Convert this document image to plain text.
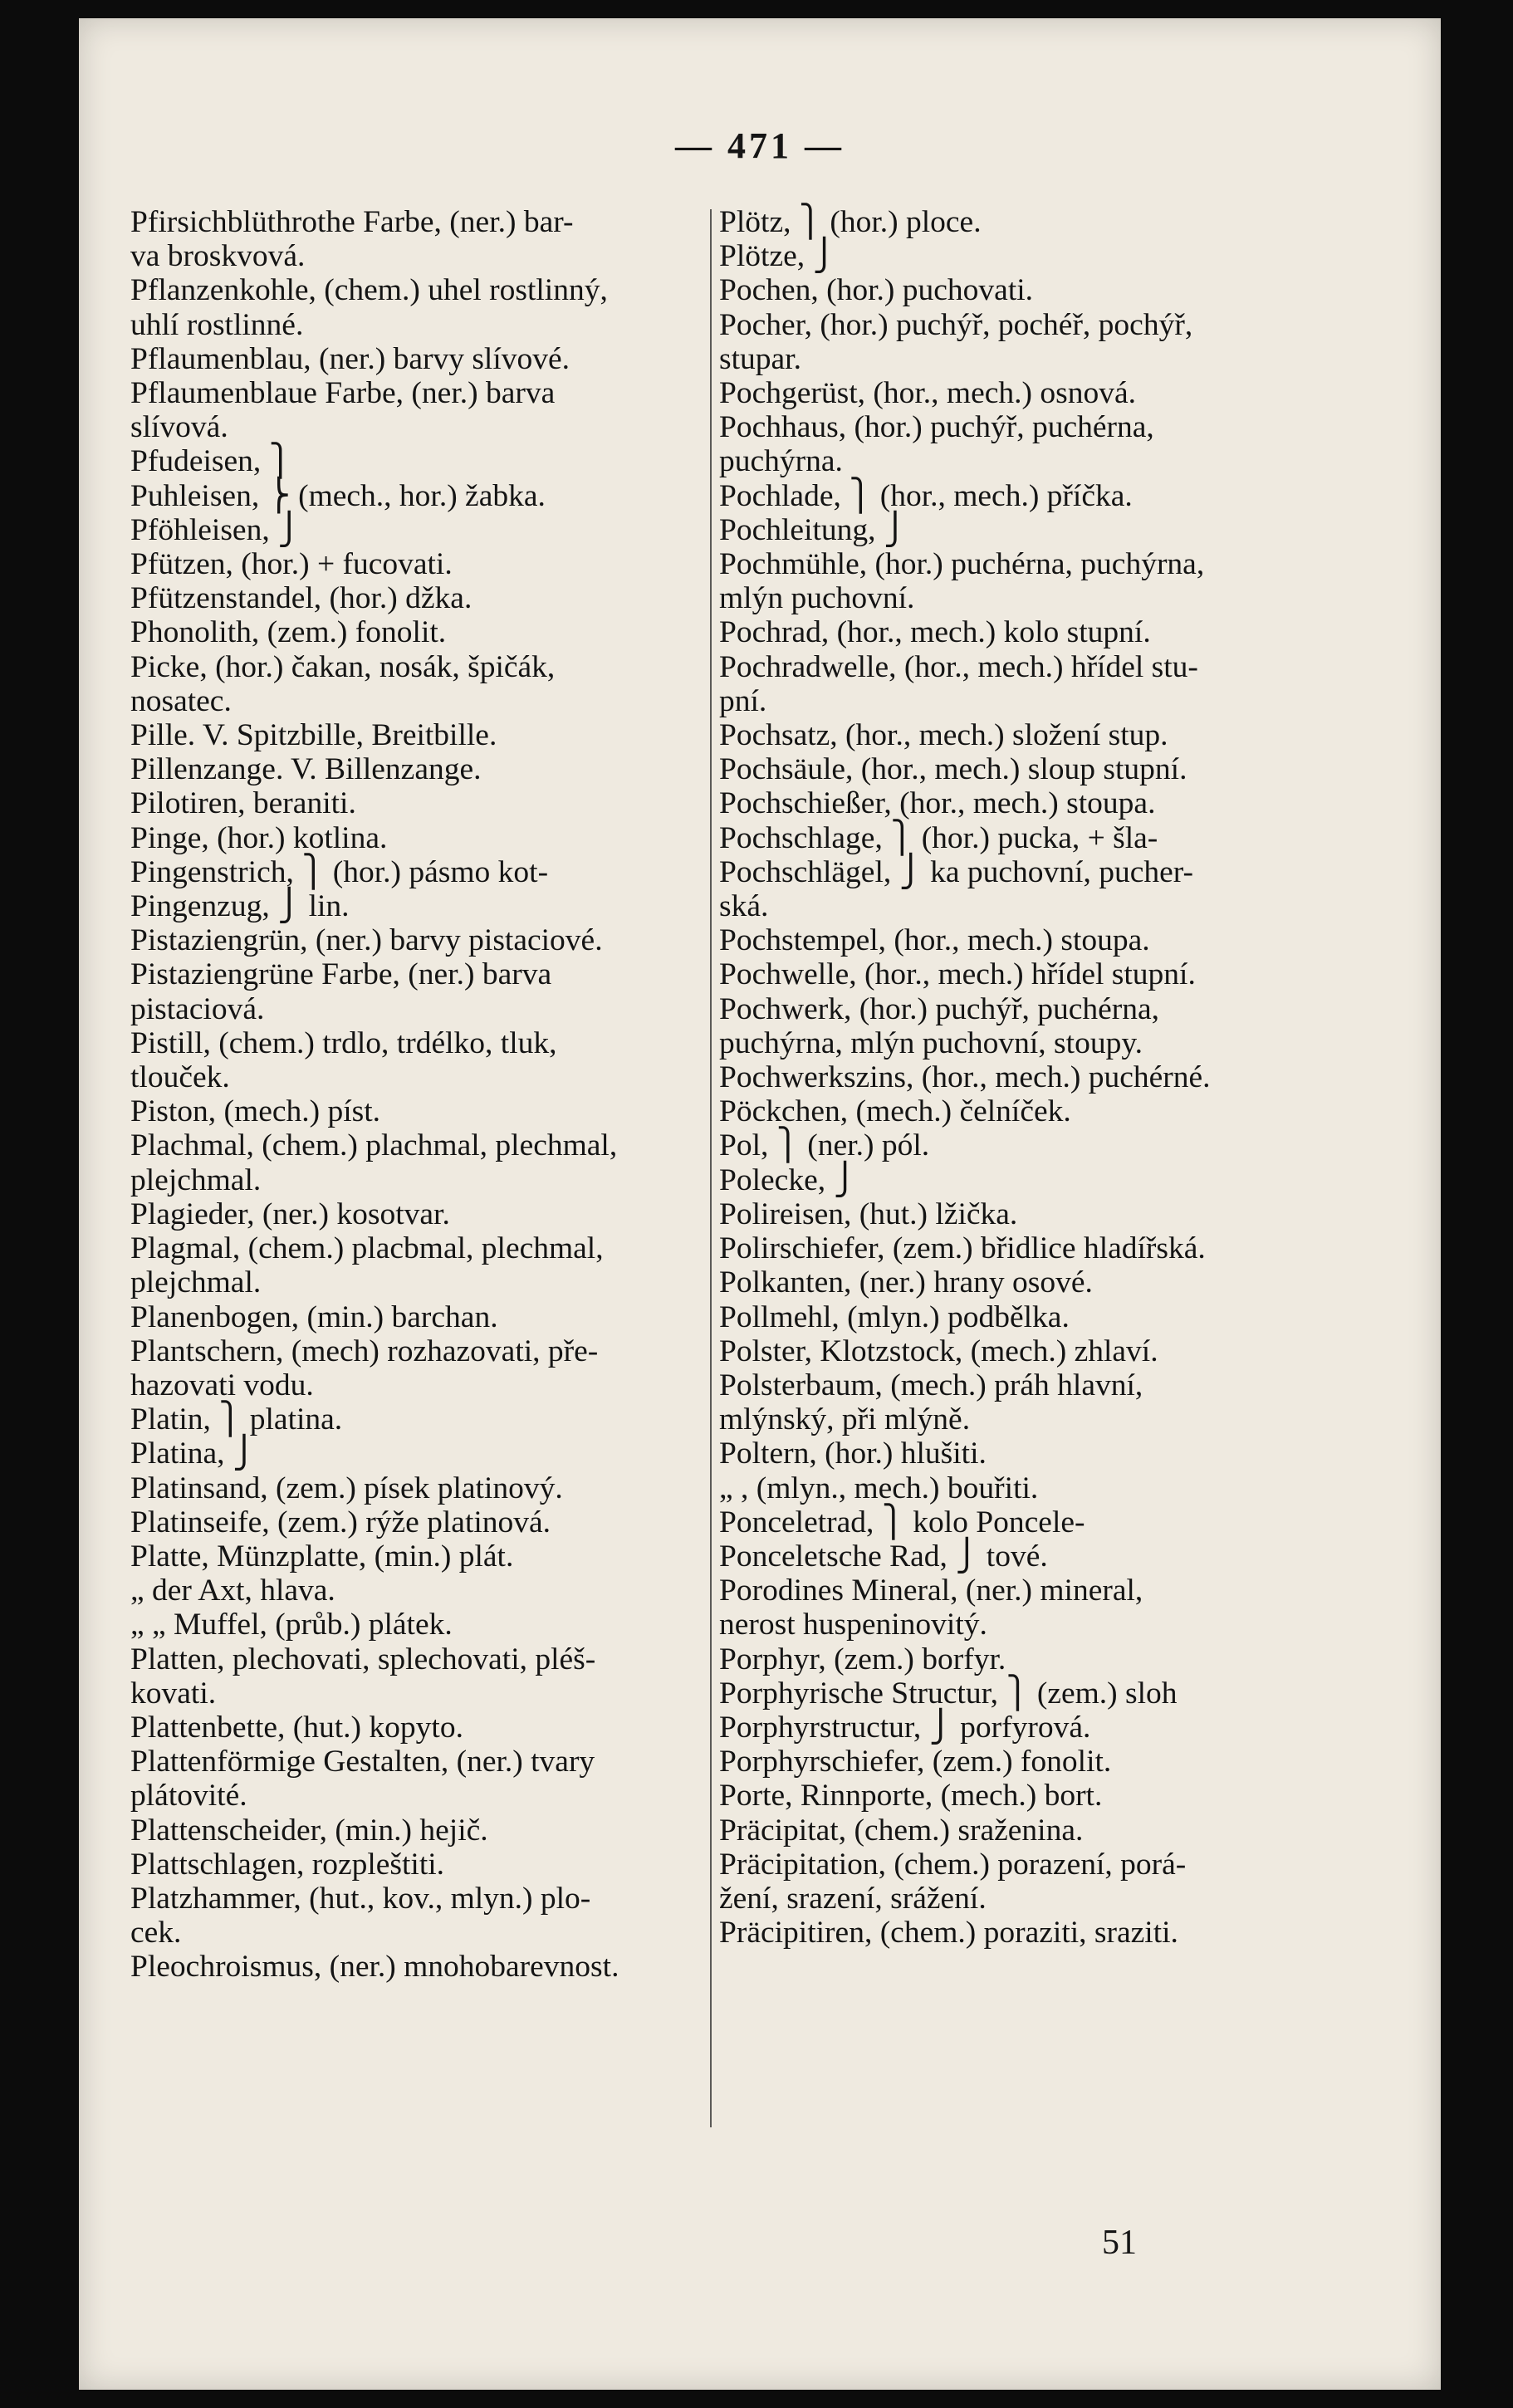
— 471 —
Pfirsichblüthrothe Farbe, (ner.) bar-
va broskvová.
Pflanzenkohle, (chem.) uhel rostlinný,
uhlí rostlinné.
Pflaumenblau, (ner.) barvy slívové.
Pflaumenblaue Farbe, (ner.) barva
slívová.
Pfudeisen, ⎫
Puhleisen, ⎬ (mech., hor.) žabka.
Pföhleisen, ⎭
Pfützen, (hor.) + fucovati.
Pfützenstandel, (hor.) džka.
Phonolith, (zem.) fonolit.
Picke, (hor.) čakan, nosák, špičák,
nosatec.
Pille. V. Spitzbille, Breitbille.
Pillenzange. V. Billenzange.
Pilotiren, beraniti.
Pinge, (hor.) kotlina.
Pingenstrich, ⎫ (hor.) pásmo kot-
Pingenzug, ⎭ lin.
Pistaziengrün, (ner.) barvy pistaciové.
Pistaziengrüne Farbe, (ner.) barva
pistaciová.
Pistill, (chem.) trdlo, trdélko, tluk,
tlouček.
Piston, (mech.) píst.
Plachmal, (chem.) plachmal, plechmal,
plejchmal.
Plagieder, (ner.) kosotvar.
Plagmal, (chem.) placbmal, plechmal,
plejchmal.
Planenbogen, (min.) barchan.
Plantschern, (mech) rozhazovati, pře-
hazovati vodu.
Platin, ⎫ platina.
Platina, ⎭
Platinsand, (zem.) písek platinový.
Platinseife, (zem.) rýže platinová.
Platte, Münzplatte, (min.) plát.
„ der Axt, hlava.
„ „ Muffel, (průb.) plátek.
Platten, plechovati, splechovati, pléš-
kovati.
Plattenbette, (hut.) kopyto.
Plattenförmige Gestalten, (ner.) tvary
plátovité.
Plattenscheider, (min.) hejič.
Plattschlagen, rozpleštiti.
Platzhammer, (hut., kov., mlyn.) plo-
cek.
Pleochroismus, (ner.) mnohobarevnost.
Plötz, ⎫ (hor.) ploce.
Plötze, ⎭
Pochen, (hor.) puchovati.
Pocher, (hor.) puchýř, pochéř, pochýř,
stupar.
Pochgerüst, (hor., mech.) osnová.
Pochhaus, (hor.) puchýř, puchérna,
puchýrna.
Pochlade, ⎫ (hor., mech.) příčka.
Pochleitung, ⎭
Pochmühle, (hor.) puchérna, puchýrna,
mlýn puchovní.
Pochrad, (hor., mech.) kolo stupní.
Pochradwelle, (hor., mech.) hřídel stu-
pní.
Pochsatz, (hor., mech.) složení stup.
Pochsäule, (hor., mech.) sloup stupní.
Pochschießer, (hor., mech.) stoupa.
Pochschlage, ⎫ (hor.) pucka, + šla-
Pochschlägel, ⎭ ka puchovní, pucher-
ská.
Pochstempel, (hor., mech.) stoupa.
Pochwelle, (hor., mech.) hřídel stupní.
Pochwerk, (hor.) puchýř, puchérna,
puchýrna, mlýn puchovní, stoupy.
Pochwerkszins, (hor., mech.) puchérné.
Pöckchen, (mech.) čelníček.
Pol, ⎫ (ner.) pól.
Polecke, ⎭
Polireisen, (hut.) lžička.
Polirschiefer, (zem.) břidlice hladířská.
Polkanten, (ner.) hrany osové.
Pollmehl, (mlyn.) podbělka.
Polster, Klotzstock, (mech.) zhlaví.
Polsterbaum, (mech.) práh hlavní,
mlýnský, při mlýně.
Poltern, (hor.) hlušiti.
„ , (mlyn., mech.) bouřiti.
Ponceletrad, ⎫ kolo Poncele-
Ponceletsche Rad, ⎭ tové.
Porodines Mineral, (ner.) mineral,
nerost huspeninovitý.
Porphyr, (zem.) borfyr.
Porphyrische Structur, ⎫ (zem.) sloh
Porphyrstructur, ⎭ porfyrová.
Porphyrschiefer, (zem.) fonolit.
Porte, Rinnporte, (mech.) bort.
Präcipitat, (chem.) sraženina.
Präcipitation, (chem.) porazení, porá-
žení, srazení, srážení.
Präcipitiren, (chem.) poraziti, sraziti.
51
